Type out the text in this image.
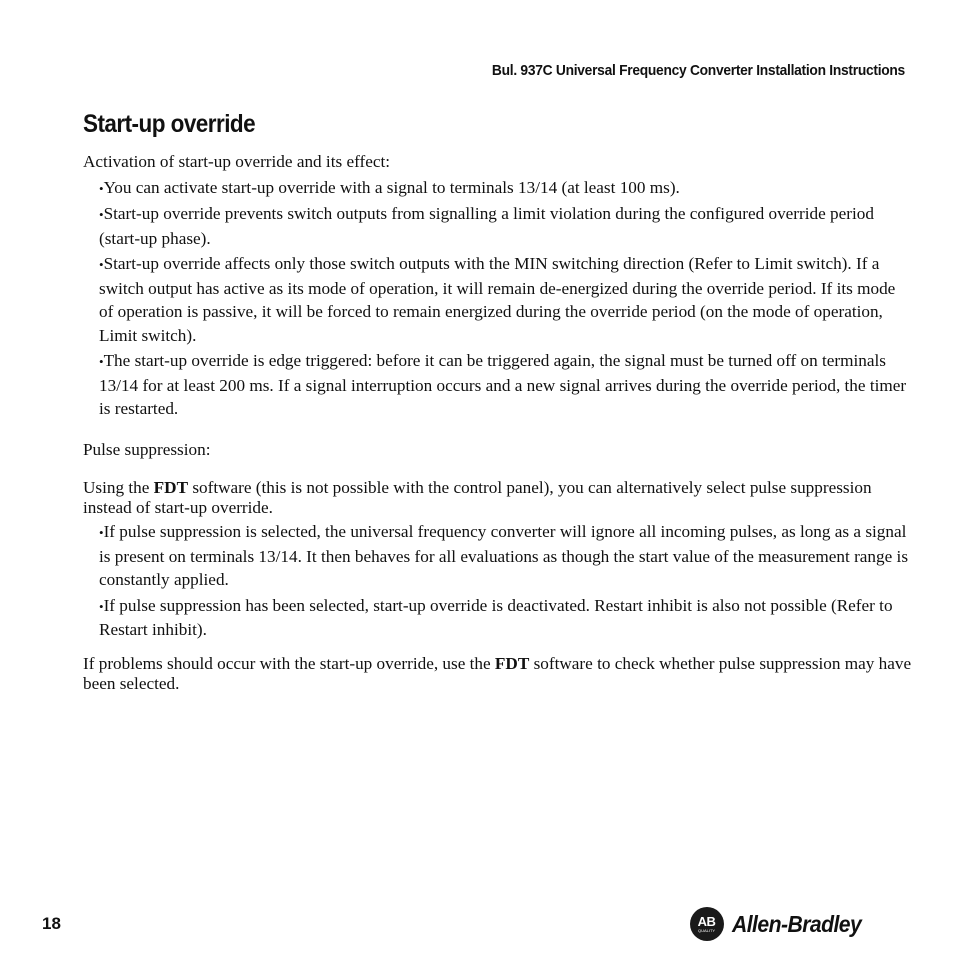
Bul. 937C Universal Frequency Converter Installation Instructions
Start-up override

Activation of start-up override and its effect:

•You can activate start-up override with a signal to terminals 13/14 (at least 100 ms).
•Start-up override prevents switch outputs from signalling a limit violation during the configured override period (start-up phase).
•Start-up override affects only those switch outputs with the MIN switching direction (Refer to Limit switch). If a switch output has active as its mode of operation, it will remain de-energized during the override period. If its mode of operation is passive, it will be forced to remain energized during the override period (on the mode of operation, Limit switch).
•The start-up override is edge triggered: before it can be triggered again, the signal must be turned off on terminals 13/14 for at least 200 ms. If a signal interruption occurs and a new signal arrives during the override period, the timer is restarted.

Pulse suppression:

Using the FDT software (this is not possible with the control panel), you can alternatively select pulse suppression instead of start-up override.

•If pulse suppression is selected, the universal frequency converter will ignore all incoming pulses, as long as a signal is present on terminals 13/14. It then behaves for all evaluations as though the start value of the measurement range is constantly applied.
•If pulse suppression has been selected, start-up override is deactivated. Restart inhibit is also not possible (Refer to Restart inhibit).

If problems should occur with the start-up override, use the FDT software to check whether pulse suppression may have been selected.

18	AB
QUALITY Allen-Bradley
